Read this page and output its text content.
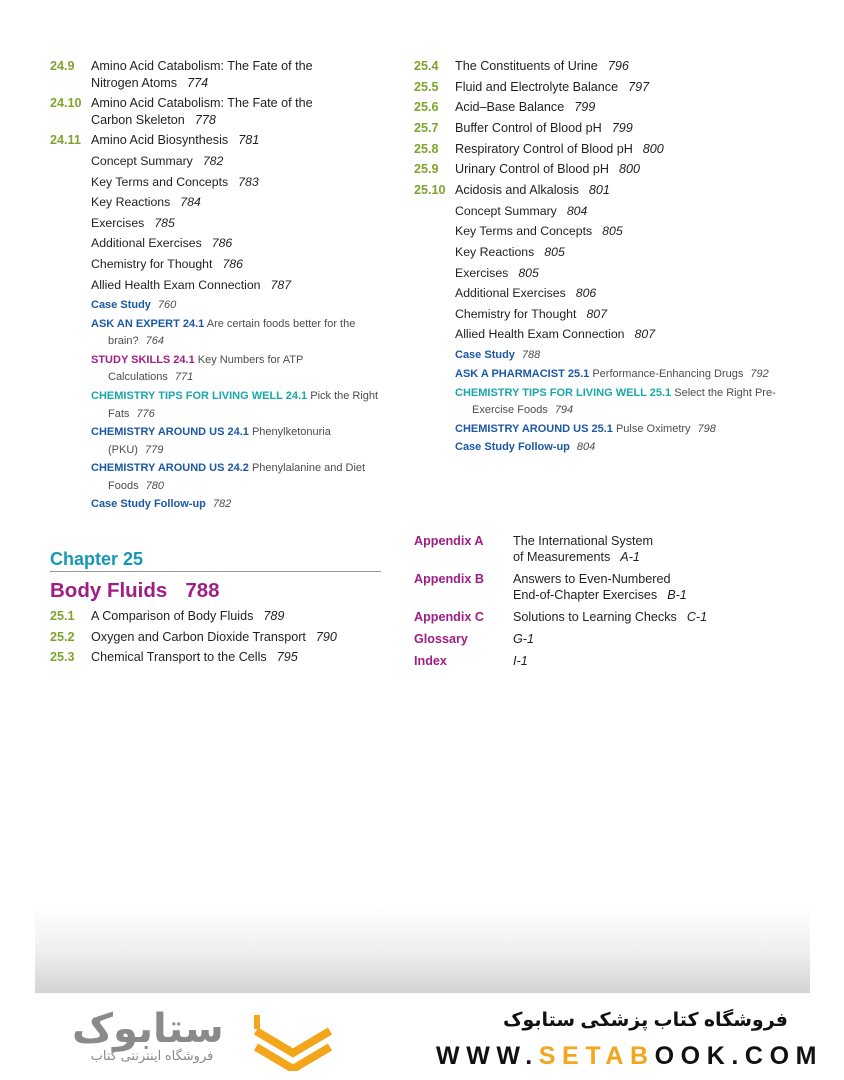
24.9 Amino Acid Catabolism: The Fate of the
Nitrogen Atoms 774
24.10 Amino Acid Catabolism: The Fate of the
Carbon Skeleton 778
24.11 Amino Acid Biosynthesis 781
Concept Summary 782
Key Terms and Concepts 783
Key Reactions 784
Exercises 785
Additional Exercises 786
Chemistry for Thought 786
Allied Health Exam Connection 787
Case Study 760
ASK AN EXPERT 24.1 Are certain foods better for the brain? 764
STUDY SKILLS 24.1 Key Numbers for ATP Calculations 771
CHEMISTRY TIPS FOR LIVING WELL 24.1 Pick the Right Fats 776
CHEMISTRY AROUND US 24.1 Phenylketonuria (PKU) 779
CHEMISTRY AROUND US 24.2 Phenylalanine and Diet Foods 780
Case Study Follow-up 782
Chapter 25
Body Fluids 788
25.1 A Comparison of Body Fluids 789
25.2 Oxygen and Carbon Dioxide Transport 790
25.3 Chemical Transport to the Cells 795
25.4 The Constituents of Urine 796
25.5 Fluid and Electrolyte Balance 797
25.6 Acid–Base Balance 799
25.7 Buffer Control of Blood pH 799
25.8 Respiratory Control of Blood pH 800
25.9 Urinary Control of Blood pH 800
25.10 Acidosis and Alkalosis 801
Concept Summary 804
Key Terms and Concepts 805
Key Reactions 805
Exercises 805
Additional Exercises 806
Chemistry for Thought 807
Allied Health Exam Connection 807
Case Study 788
ASK A PHARMACIST 25.1 Performance-Enhancing Drugs 792
CHEMISTRY TIPS FOR LIVING WELL 25.1 Select the Right Pre-Exercise Foods 794
CHEMISTRY AROUND US 25.1 Pulse Oximetry 798
Case Study Follow-up 804
Appendix A The International System
of Measurements A-1
Appendix B Answers to Even-Numbered
End-of-Chapter Exercises B-1
Appendix C Solutions to Learning Checks C-1
Glossary	G-1
Index	I-1
ستابوک
فروشگاه اینترنتی کتاب
فروشگاه کتاب پزشکی ستابوک
WWW.SETABOOK.COM
